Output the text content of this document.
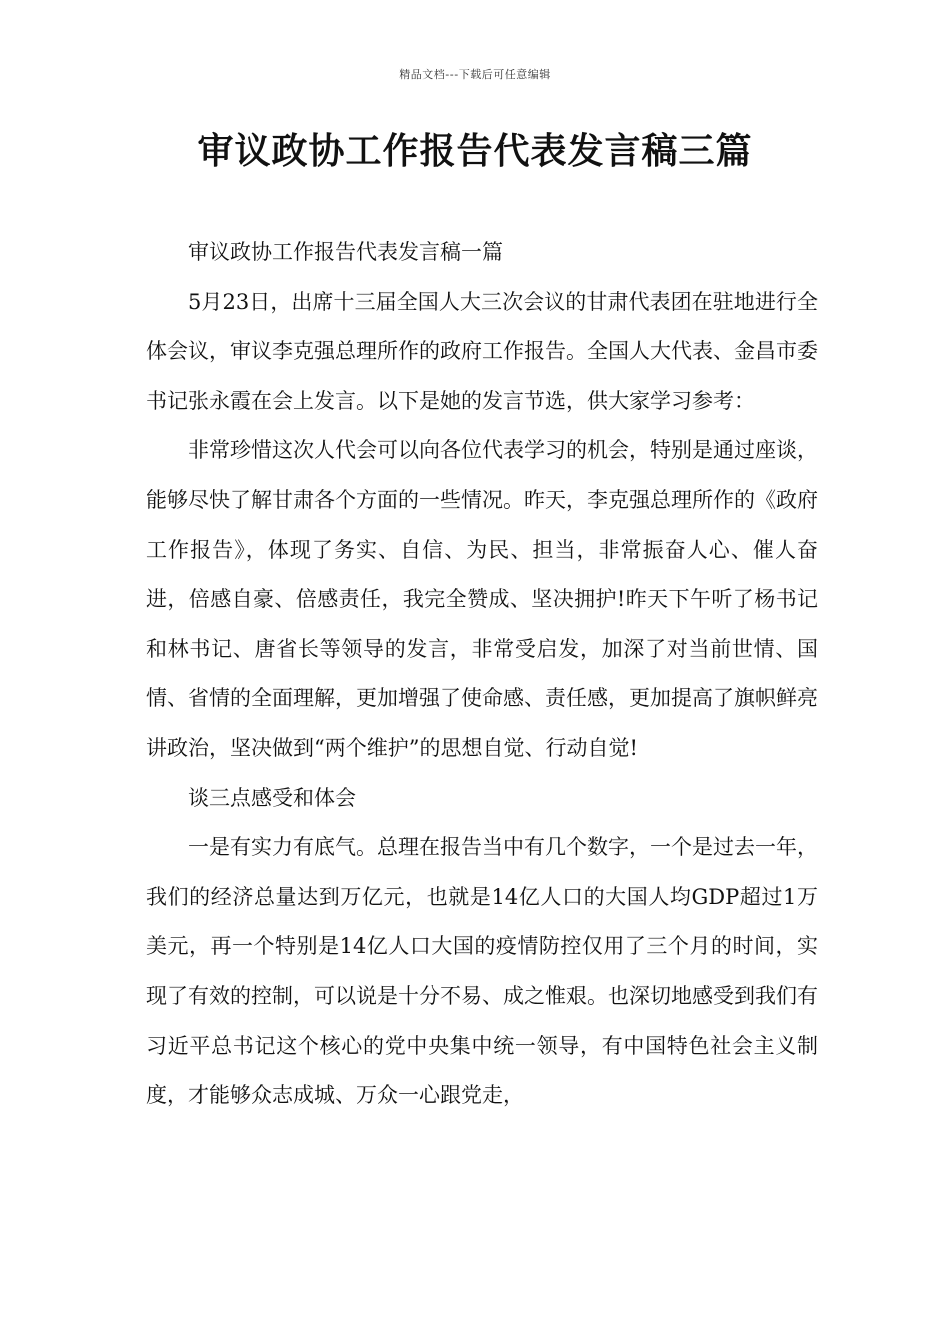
精品文档---下载后可任意编辑
审议政协工作报告代表发言稿三篇

审议政协工作报告代表发言稿一篇

5月23日，出席十三届全国人大三次会议的甘肃代表团在驻地进行全体会议，审议李克强总理所作的政府工作报告。全国人大代表、金昌市委书记张永霞在会上发言。以下是她的发言节选，供大家学习参考：

非常珍惜这次人代会可以向各位代表学习的机会，特别是通过座谈，能够尽快了解甘肃各个方面的一些情况。昨天，李克强总理所作的《政府工作报告》，体现了务实、自信、为民、担当，非常振奋人心、催人奋进，倍感自豪、倍感责任，我完全赞成、坚决拥护!昨天下午听了杨书记和林书记、唐省长等领导的发言，非常受启发，加深了对当前世情、国情、省情的全面理解，更加增强了使命感、责任感，更加提高了旗帜鲜亮讲政治，坚决做到“两个维护”的思想自觉、行动自觉!

谈三点感受和体会

一是有实力有底气。总理在报告当中有几个数字，一个是过去一年，我们的经济总量达到万亿元，也就是14亿人口的大国人均GDP超过1万美元，再一个特别是14亿人口大国的疫情防控仅用了三个月的时间，实现了有效的控制，可以说是十分不易、成之惟艰。也深切地感受到我们有习近平总书记这个核心的党中央集中统一领导，有中国特色社会主义制度，才能够众志成城、万众一心跟党走，
